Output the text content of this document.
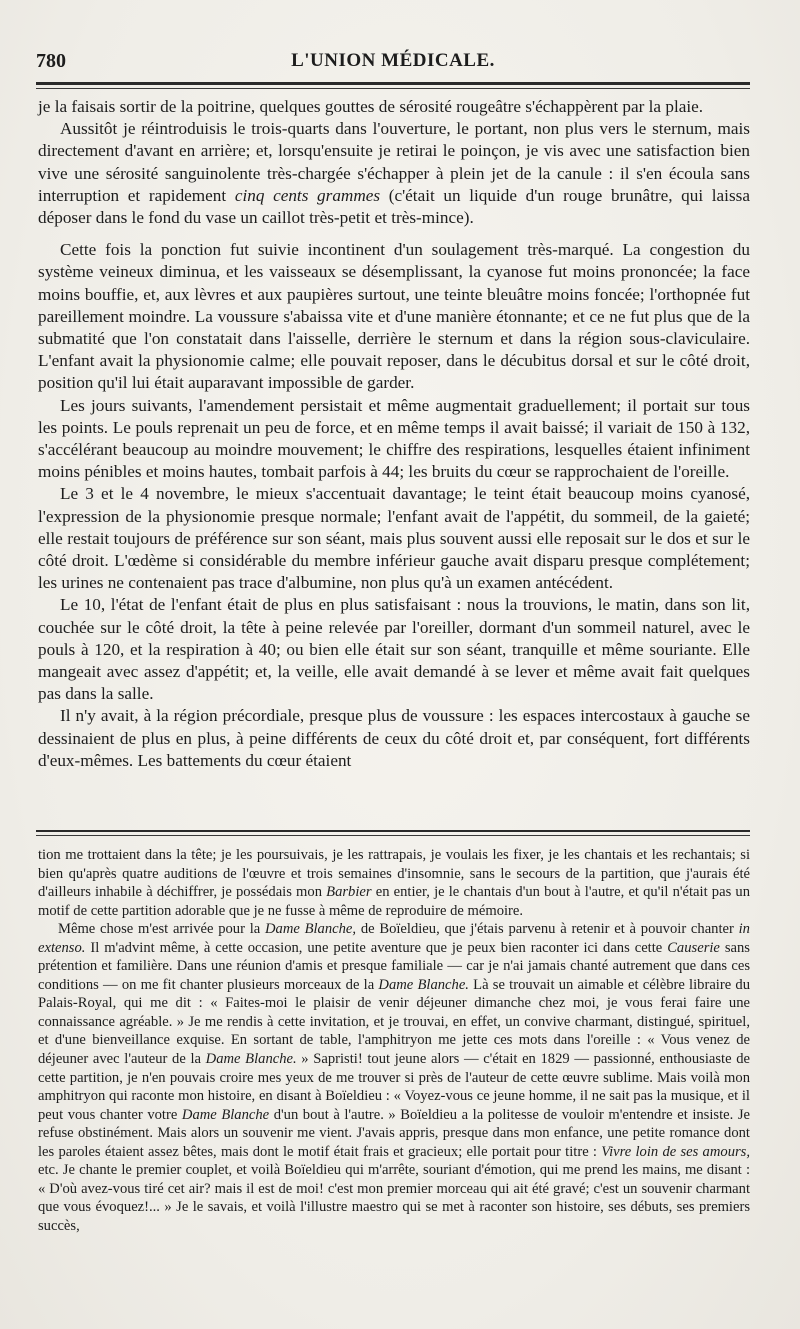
780	L'UNION MÉDICALE.

je la faisais sortir de la poitrine, quelques gouttes de sérosité rougeâtre s'échappèrent par la plaie.

Aussitôt je réintroduisis le trois-quarts dans l'ouverture, le portant, non plus vers le sternum, mais directement d'avant en arrière; et, lorsqu'ensuite je retirai le poinçon, je vis avec une satisfaction bien vive une sérosité sanguinolente très-chargée s'échapper à plein jet de la canule : il s'en écoula sans interruption et rapidement cinq cents grammes (c'était un liquide d'un rouge brunâtre, qui laissa déposer dans le fond du vase un caillot très-petit et très-mince).

Cette fois la ponction fut suivie incontinent d'un soulagement très-marqué. La congestion du système veineux diminua, et les vaisseaux se désemplissant, la cyanose fut moins prononcée; la face moins bouffie, et, aux lèvres et aux paupières surtout, une teinte bleuâtre moins foncée; l'orthopnée fut pareillement moindre. La voussure s'abaissa vite et d'une manière étonnante; et ce ne fut plus que de la submatité que l'on constatait dans l'aisselle, derrière le sternum et dans la région sous-claviculaire. L'enfant avait la physionomie calme; elle pouvait reposer, dans le décubitus dorsal et sur le côté droit, position qu'il lui était auparavant impossible de garder.

Les jours suivants, l'amendement persistait et même augmentait graduellement; il portait sur tous les points. Le pouls reprenait un peu de force, et en même temps il avait baissé; il variait de 150 à 132, s'accélérant beaucoup au moindre mouvement; le chiffre des respirations, lesquelles étaient infiniment moins pénibles et moins hautes, tombait parfois à 44; les bruits du cœur se rapprochaient de l'oreille.

Le 3 et le 4 novembre, le mieux s'accentuait davantage; le teint était beaucoup moins cyanosé, l'expression de la physionomie presque normale; l'enfant avait de l'appétit, du sommeil, de la gaieté; elle restait toujours de préférence sur son séant, mais plus souvent aussi elle reposait sur le dos et sur le côté droit. L'œdème si considérable du membre inférieur gauche avait disparu presque complétement; les urines ne contenaient pas trace d'albumine, non plus qu'à un examen antécédent.

Le 10, l'état de l'enfant était de plus en plus satisfaisant : nous la trouvions, le matin, dans son lit, couchée sur le côté droit, la tête à peine relevée par l'oreiller, dormant d'un sommeil naturel, avec le pouls à 120, et la respiration à 40; ou bien elle était sur son séant, tranquille et même souriante. Elle mangeait avec assez d'appétit; et, la veille, elle avait demandé à se lever et même avait fait quelques pas dans la salle.

Il n'y avait, à la région précordiale, presque plus de voussure : les espaces intercostaux à gauche se dessinaient de plus en plus, à peine différents de ceux du côté droit et, par conséquent, fort différents d'eux-mêmes. Les battements du cœur étaient

tion me trottaient dans la tête; je les poursuivais, je les rattrapais, je voulais les fixer, je les chantais et les rechantais; si bien qu'après quatre auditions de l'œuvre et trois semaines d'insomnie, sans le secours de la partition, que j'aurais été d'ailleurs inhabile à déchiffrer, je possédais mon Barbier en entier, je le chantais d'un bout à l'autre, et qu'il n'était pas un motif de cette partition adorable que je ne fusse à même de reproduire de mémoire.

Même chose m'est arrivée pour la Dame Blanche, de Boïeldieu, que j'étais parvenu à retenir et à pouvoir chanter in extenso. Il m'advint même, à cette occasion, une petite aventure que je peux bien raconter ici dans cette Causerie sans prétention et familière. Dans une réunion d'amis et presque familiale — car je n'ai jamais chanté autrement que dans ces conditions — on me fit chanter plusieurs morceaux de la Dame Blanche. Là se trouvait un aimable et célèbre libraire du Palais-Royal, qui me dit : « Faites-moi le plaisir de venir déjeuner dimanche chez moi, je vous ferai faire une connaissance agréable. » Je me rendis à cette invitation, et je trouvai, en effet, un convive charmant, distingué, spirituel, et d'une bienveillance exquise. En sortant de table, l'amphitryon me jette ces mots dans l'oreille : « Vous venez de déjeuner avec l'auteur de la Dame Blanche. » Sapristi! tout jeune alors — c'était en 1829 — passionné, enthousiaste de cette partition, je n'en pouvais croire mes yeux de me trouver si près de l'auteur de cette œuvre sublime. Mais voilà mon amphitryon qui raconte mon histoire, en disant à Boïeldieu : « Voyez-vous ce jeune homme, il ne sait pas la musique, et il peut vous chanter votre Dame Blanche d'un bout à l'autre. » Boïeldieu a la politesse de vouloir m'entendre et insiste. Je refuse obstinément. Mais alors un souvenir me vient. J'avais appris, presque dans mon enfance, une petite romance dont les paroles étaient assez bêtes, mais dont le motif était frais et gracieux; elle portait pour titre : Vivre loin de ses amours, etc. Je chante le premier couplet, et voilà Boïeldieu qui m'arrête, souriant d'émotion, qui me prend les mains, me disant : « D'où avez-vous tiré cet air? mais il est de moi! c'est mon premier morceau qui ait été gravé; c'est un souvenir charmant que vous évoquez!... » Je le savais, et voilà l'illustre maestro qui se met à raconter son histoire, ses débuts, ses premiers succès,
